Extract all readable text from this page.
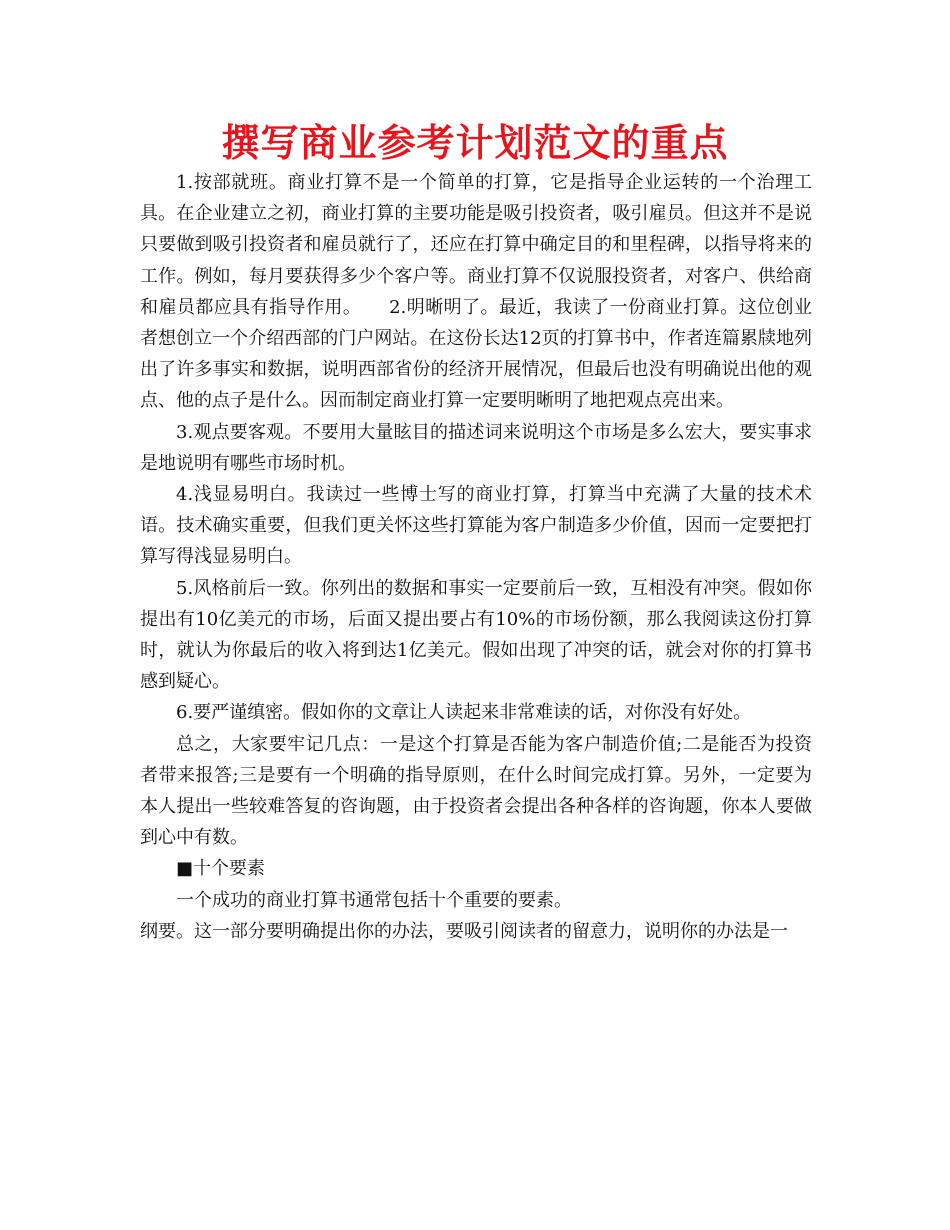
撰写商业参考计划范文的重点

1.按部就班。商业打算不是一个简单的打算，它是指导企业运转的一个治理工具。在企业建立之初，商业打算的主要功能是吸引投资者，吸引雇员。但这并不是说只要做到吸引投资者和雇员就行了，还应在打算中确定目的和里程碑，以指导将来的工作。例如，每月要获得多少个客户等。商业打算不仅说服投资者，对客户、供给商和雇员都应具有指导作用。　　2.明晰明了。最近，我读了一份商业打算。这位创业者想创立一个介绍西部的门户网站。在这份长达12页的打算书中，作者连篇累牍地列出了许多事实和数据，说明西部省份的经济开展情况，但最后也没有明确说出他的观点、他的点子是什么。因而制定商业打算一定要明晰明了地把观点亮出来。

3.观点要客观。不要用大量眩目的描述词来说明这个市场是多么宏大，要实事求是地说明有哪些市场时机。

4.浅显易明白。我读过一些博士写的商业打算，打算当中充满了大量的技术术语。技术确实重要，但我们更关怀这些打算能为客户制造多少价值，因而一定要把打算写得浅显易明白。

5.风格前后一致。你列出的数据和事实一定要前后一致，互相没有冲突。假如你提出有10亿美元的市场，后面又提出要占有10%的市场份额，那么我阅读这份打算时，就认为你最后的收入将到达1亿美元。假如出现了冲突的话，就会对你的打算书感到疑心。

6.要严谨缜密。假如你的文章让人读起来非常难读的话，对你没有好处。

总之，大家要牢记几点：一是这个打算是否能为客户制造价值;二是能否为投资者带来报答;三是要有一个明确的指导原则，在什么时间完成打算。另外，一定要为本人提出一些较难答复的咨询题，由于投资者会提出各种各样的咨询题，你本人要做到心中有数。

■十个要素

一个成功的商业打算书通常包括十个重要的要素。

纲要。这一部分要明确提出你的办法，要吸引阅读者的留意力，说明你的办法是一
